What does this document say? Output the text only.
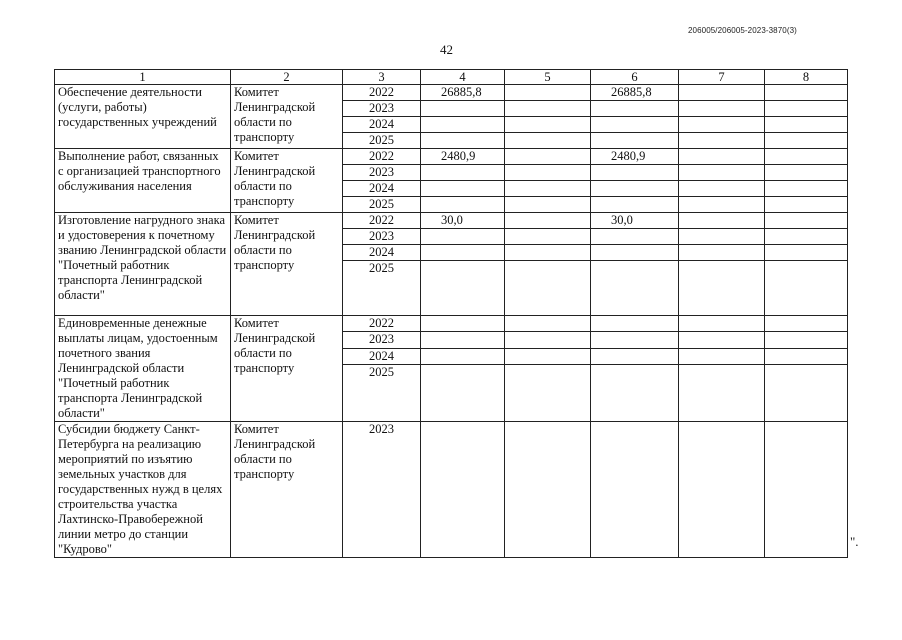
206005/206005-2023-3870(3)
42
1	2	3	4	5	6	7	8
Обеспечение деятельности (услуги, работы) государственных учреждений	Комитет Ленинградской области по транспорту	2022	26885,8		26885,8		
		2023					
		2024					
		2025					
Выполнение работ, связанных с организацией транспортного обслуживания населения	Комитет Ленинградской области по транспорту	2022	2480,9		2480,9		
		2023					
		2024					
		2025					
Изготовление нагрудного знака и удостоверения к почетному званию Ленинградской области "Почетный работник транспорта Ленинградской области"	Комитет Ленинградской области по транспорту	2022	30,0		30,0		
		2023					
		2024					
		2025					
Единовременные денежные выплаты лицам, удостоенным почетного звания Ленинградской области "Почетный работник транспорта Ленинградской области"	Комитет Ленинградской области по транспорту	2022					
		2023					
		2024					
		2025					
Субсидии бюджету Санкт-Петербурга на реализацию мероприятий по изъятию земельных участков для государственных нужд в целях строительства участка Лахтинско-Правобережной линии метро до станции "Кудрово"	Комитет Ленинградской области по транспорту	2023					
".
